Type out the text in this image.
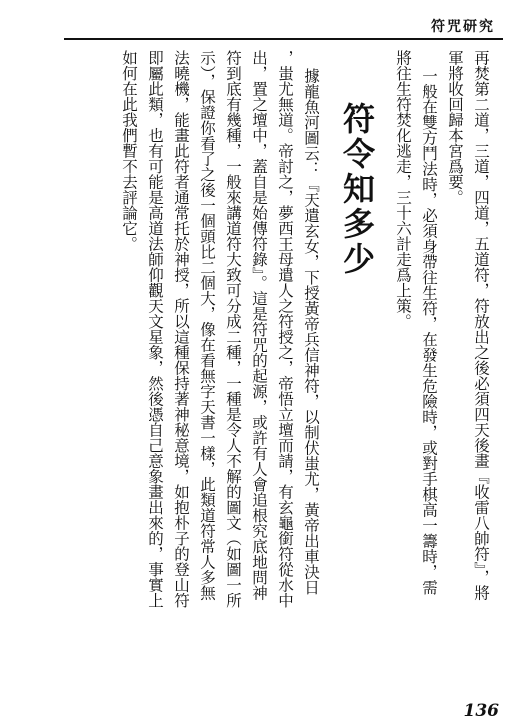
符咒研究
再焚第二道，三道，四道，五道符，符放出之後必須四天後畫『收雷八帥符』，將
軍將收回歸本宮爲要。
一般在雙方鬥法時，必須身帶往生符，在發生危險時，或對手棋高一籌時，需
將往生符焚化逃走，三十六計走爲上策。
符令知多少
據龍魚河圖云：『天遣玄女，下授黃帝兵信神符，以制伏蚩尤，黃帝出車決日
，蚩尤無道。帝討之，夢西王母遣人之符授之，帝悟立壇而請，有玄龜銜符從水中
出，置之壇中，蓋自是始傳符錄』。這是符咒的起源，或許有人會追根究底地問神
符到底有幾種，一般來講道符大致可分成二種，一種是令人不解的圖文（如圖一所
示），保證你看了之後一個頭比二個大，像在看無字天書一樣，此類道符常人多無
法曉機，能畫此符者通常托於神授，所以這種保持著神秘意境，如抱朴子的登山符
即屬此類，也有可能是高道法師仰觀天文星象，然後憑自己意象畫出來的，事實上
如何在此我們暫不去評論它。
136
